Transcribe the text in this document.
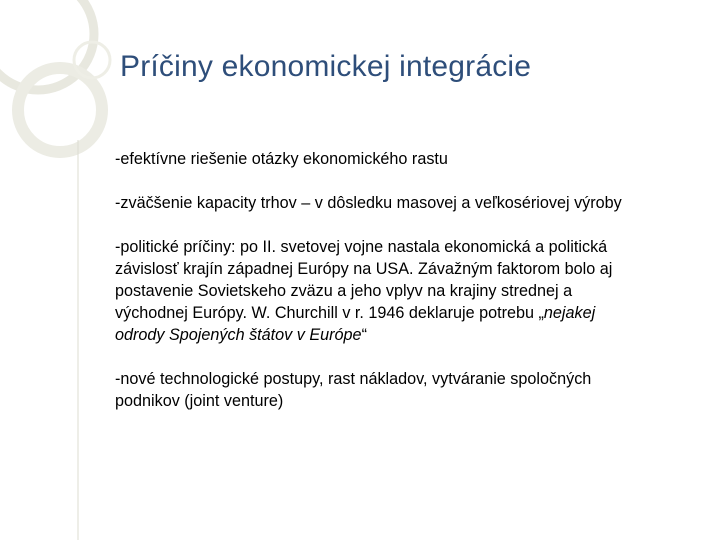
Príčiny ekonomickej integrácie

-efektívne riešenie otázky ekonomického rastu

-zväčšenie kapacity trhov – v dôsledku masovej a veľkosériovej výroby

-politické príčiny: po II. svetovej vojne nastala ekonomická a politická závislosť krajín západnej Európy na USA. Závažným faktorom bolo aj postavenie Sovietskeho zväzu a jeho vplyv na krajiny strednej a východnej Európy. W. Churchill v r. 1946 deklaruje potrebu „nejakej odrody Spojených štátov v Európe“

-nové technologické postupy, rast nákladov, vytváranie spoločných podnikov (joint venture)
